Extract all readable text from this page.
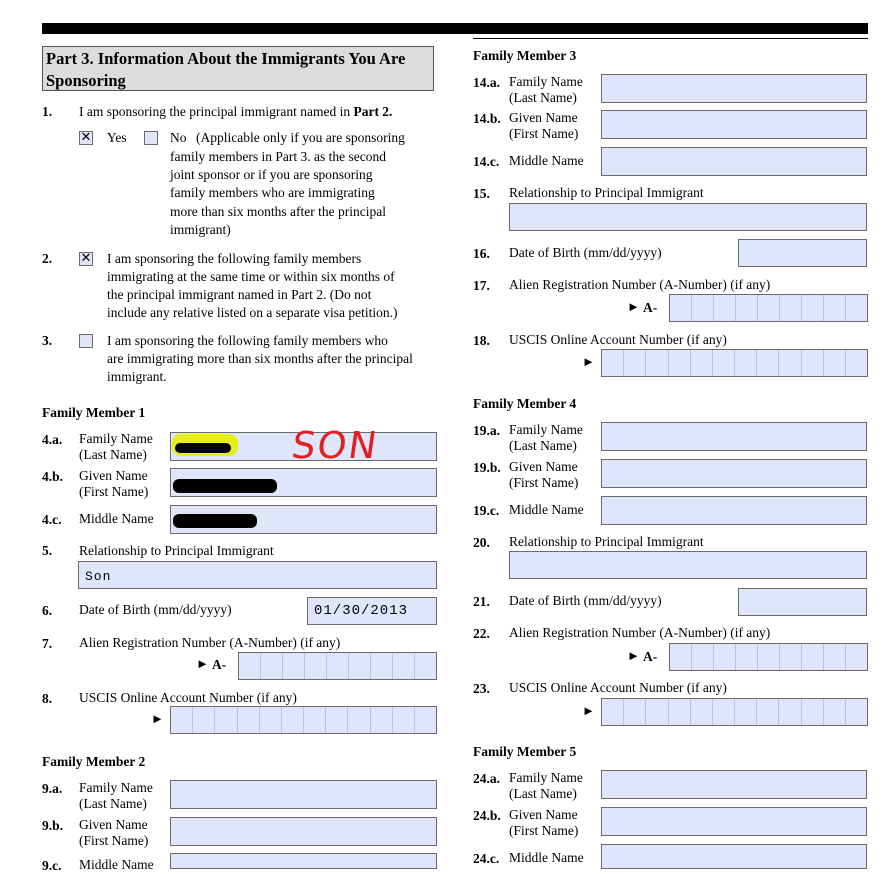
Part 3. Information About the Immigrants You Are Sponsoring
1. I am sponsoring the principal immigrant named in Part 2.
✕ Yes	No (Applicable only if you are sponsoring
family members in Part 3. as the second
joint sponsor or if you are sponsoring
family members who are immigrating
more than six months after the principal
immigrant)
2. ✕ I am sponsoring the following family members
immigrating at the same time or within six months of
the principal immigrant named in Part 2. (Do not
include any relative listed on a separate visa petition.)
3.	I am sponsoring the following family members who
are immigrating more than six months after the principal
immigrant.
Family Member 1
4.a. Family Name
(Last Name)	SON
4.b. Given Name
(First Name)
4.c. Middle Name
5. Relationship to Principal Immigrant
Son
6. Date of Birth (mm/dd/yyyy)	01/30/2013
7. Alien Registration Number (A-Number) (if any)
► A-
8. USCIS Online Account Number (if any)
►
Family Member 2
9.a. Family Name
(Last Name)
9.b. Given Name
(First Name)
9.c. Middle Name
Family Member 3
14.a. Family Name
(Last Name)
14.b. Given Name
(First Name)
14.c. Middle Name
15. Relationship to Principal Immigrant
16. Date of Birth (mm/dd/yyyy)
17. Alien Registration Number (A-Number) (if any)
► A-
18. USCIS Online Account Number (if any)
►
Family Member 4
19.a. Family Name
(Last Name)
19.b. Given Name
(First Name)
19.c. Middle Name
20. Relationship to Principal Immigrant
21. Date of Birth (mm/dd/yyyy)
22. Alien Registration Number (A-Number) (if any)
► A-
23. USCIS Online Account Number (if any)
►
Family Member 5
24.a. Family Name
(Last Name)
24.b. Given Name
(First Name)
24.c. Middle Name
